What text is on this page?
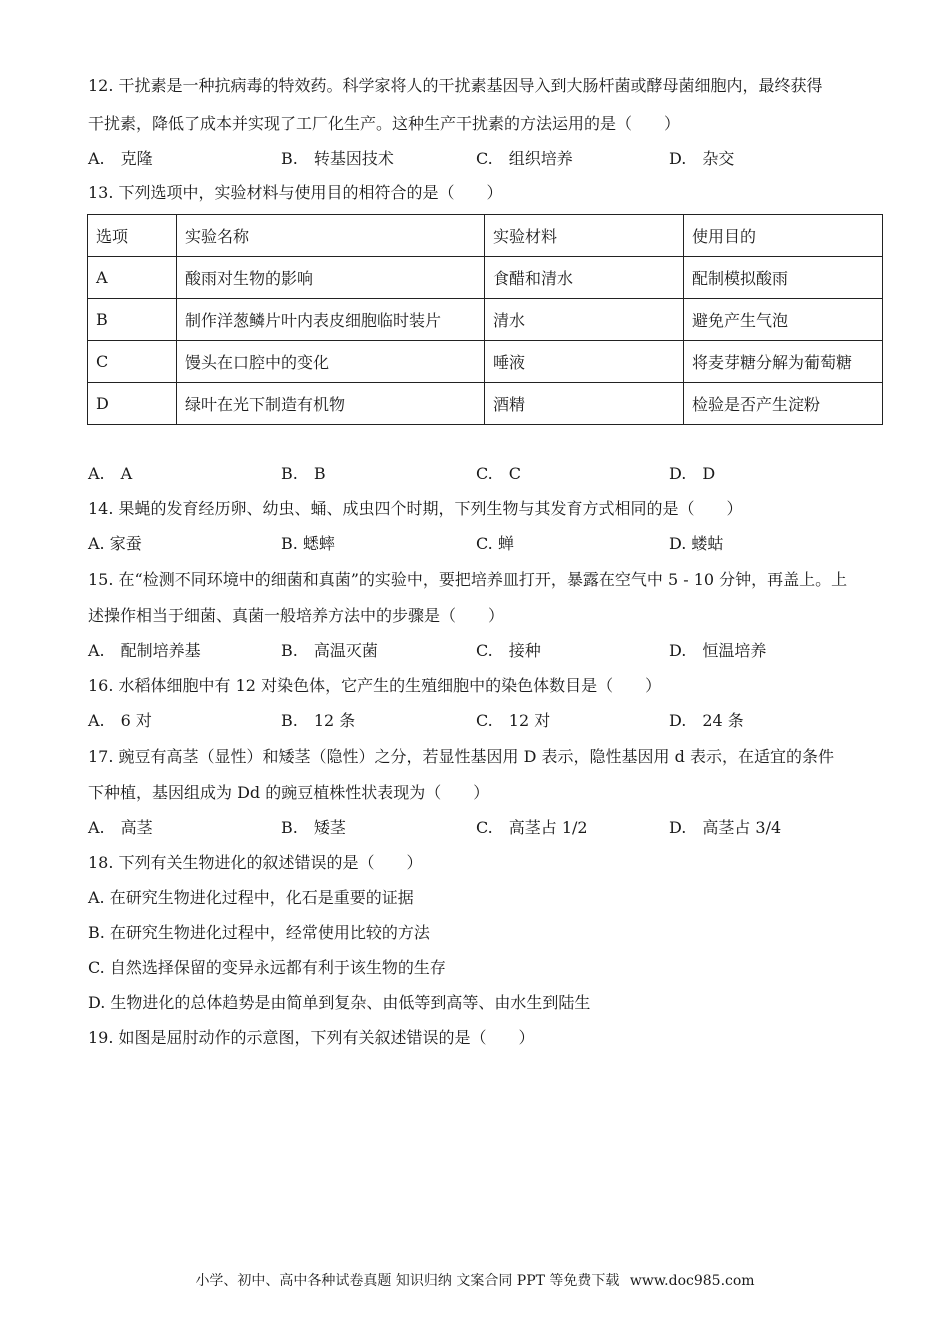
12. 干扰素是一种抗病毒的特效药。科学家将人的干扰素基因导入到大肠杆菌或酵母菌细胞内，最终获得
干扰素，降低了成本并实现了工厂化生产。这种生产干扰素的方法运用的是（　　）
A.　克隆	B.　转基因技术	C.　组织培养	D.　杂交
13. 下列选项中，实验材料与使用目的相符合的是（　　）
选项	实验名称	实验材料	使用目的
A	酸雨对生物的影响	食醋和清水	配制模拟酸雨
B	制作洋葱鳞片叶内表皮细胞临时装片	清水	避免产生气泡
C	馒头在口腔中的变化	唾液	将麦芽糖分解为葡萄糖
D	绿叶在光下制造有机物	酒精	检验是否产生淀粉
A.　A	B.　B	C.　C	D.　D
14. 果蝇的发育经历卵、幼虫、蛹、成虫四个时期，下列生物与其发育方式相同的是（　　）
A. 家蚕	B. 蟋蟀	C. 蝉	D. 蝼蛄
15. 在“检测不同环境中的细菌和真菌”的实验中，要把培养皿打开，暴露在空气中 5 - 10 分钟，再盖上。上
述操作相当于细菌、真菌一般培养方法中的步骤是（　　）
A.　配制培养基	B.　高温灭菌	C.　接种	D.　恒温培养
16. 水稻体细胞中有 12 对染色体，它产生的生殖细胞中的染色体数目是（　　）
A.　6 对	B.　12 条	C.　12 对	D.　24 条
17. 豌豆有高茎（显性）和矮茎（隐性）之分，若显性基因用 D 表示，隐性基因用 d 表示，在适宜的条件
下种植，基因组成为 Dd 的豌豆植株性状表现为（　　）
A.　高茎	B.　矮茎	C.　高茎占 1/2	D.　高茎占 3/4
18. 下列有关生物进化的叙述错误的是（　　）
A. 在研究生物进化过程中，化石是重要的证据
B. 在研究生物进化过程中，经常使用比较的方法
C. 自然选择保留的变异永远都有利于该生物的生存
D. 生物进化的总体趋势是由简单到复杂、由低等到高等、由水生到陆生
19. 如图是屈肘动作的示意图，下列有关叙述错误的是（　　）
小学、初中、高中各种试卷真题 知识归纳 文案合同 PPT 等免费下载 www.doc985.com
